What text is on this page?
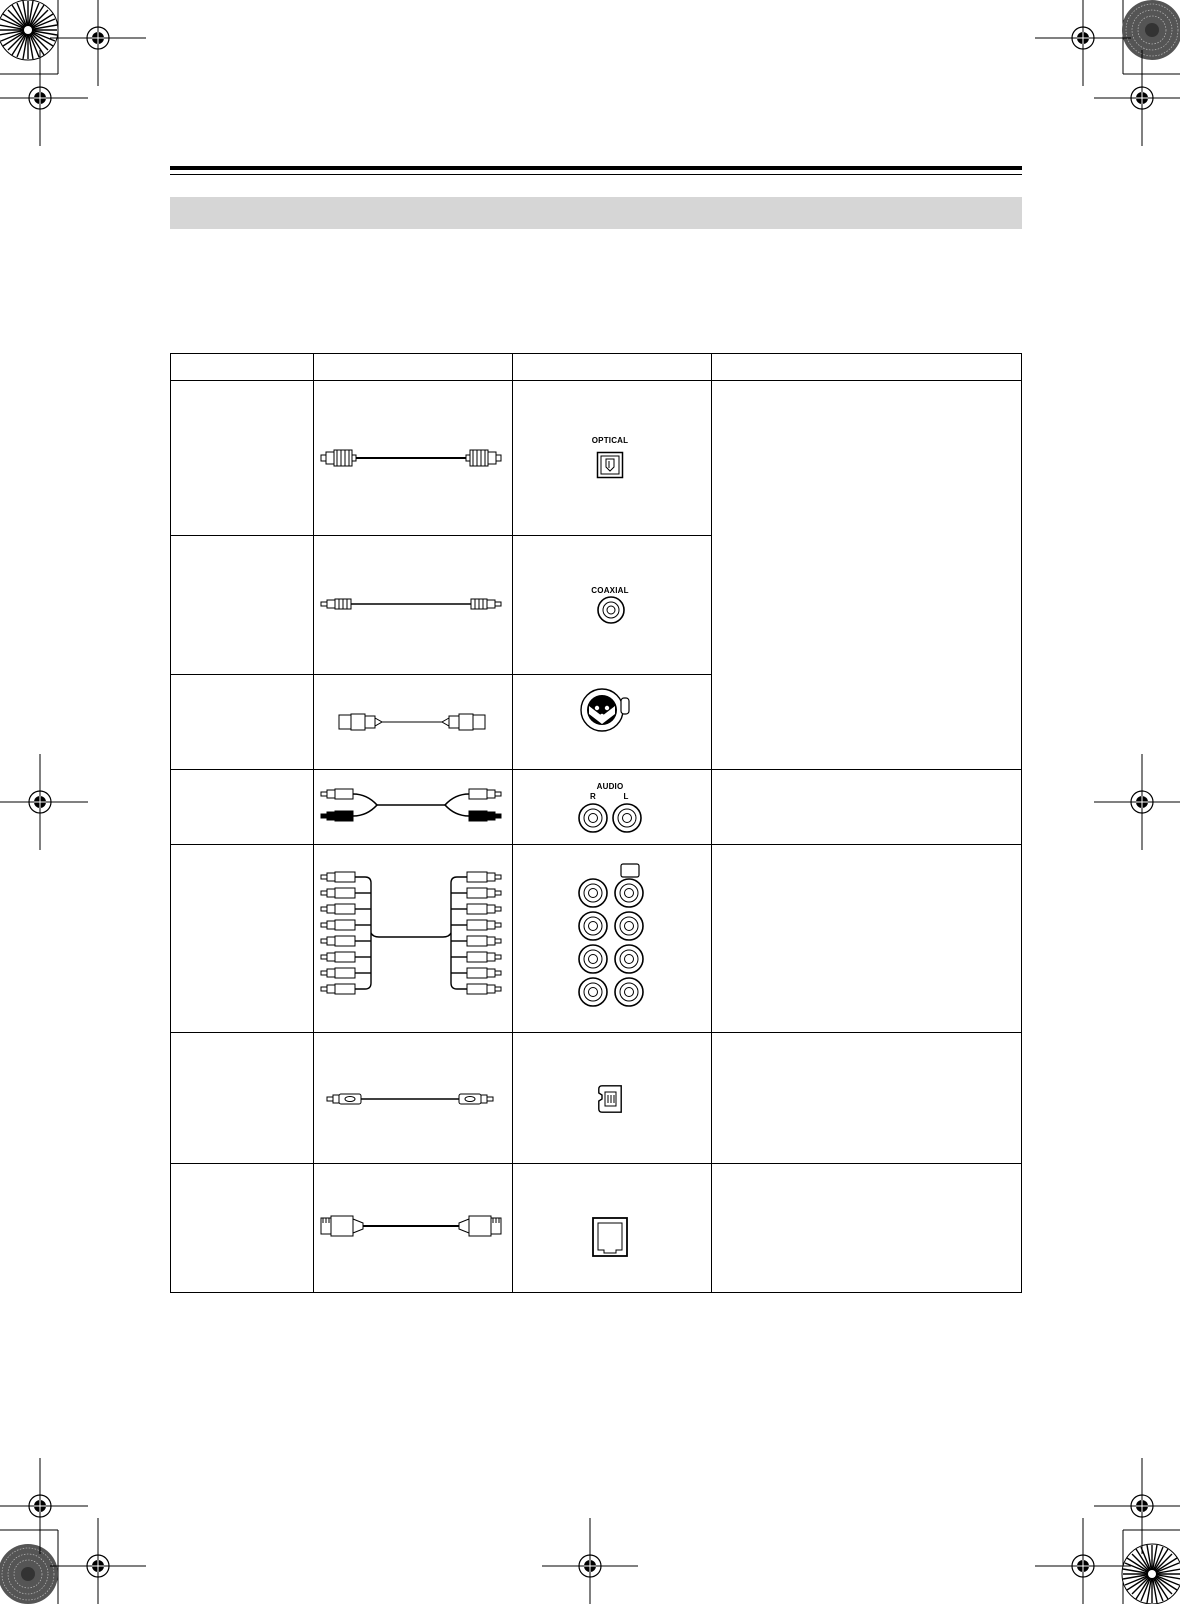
OPTICAL
COAXIAL
AUDIO
R	L
